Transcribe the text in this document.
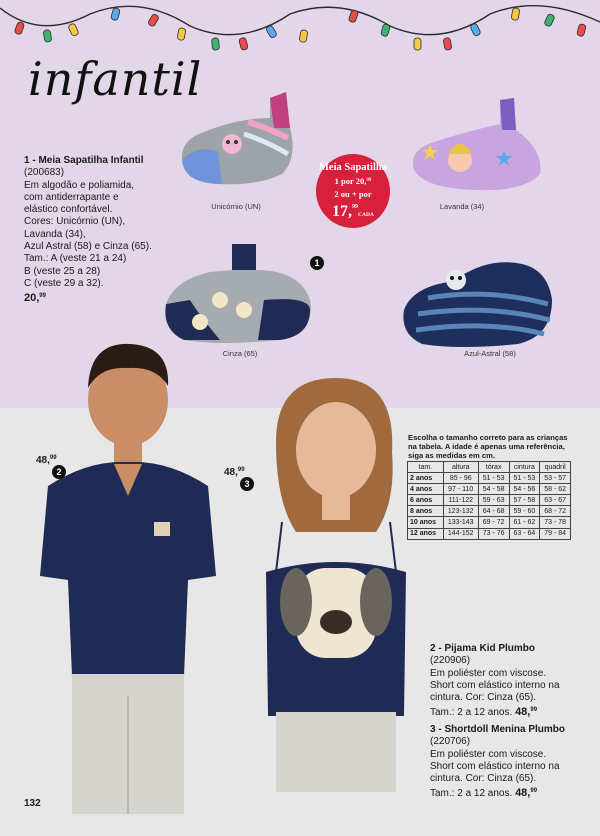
infantil
1 - Meia Sapatilha Infantil
(200683)
Em algodão e poliamida,
com antiderrapante e
elástico confortável.
Cores: Unicórnio (UN),
Lavanda (34),
Azul Astral (58) e Cinza (65).
Tam.: A (veste 21 a 24)
B (veste 25 a 28)
C (veste 29 a 32).
20,99
Unicórnio (UN)	Lavanda (34)
Cinza (65)
1
Azul-Astral (58)
Meia Sapatilha
1 por 20,99
2 ou + por
17,99CADA
48,99
2	48,99
3
Escolha o tamanho correto para as crianças na tabela. A idade é apenas uma referência, siga as medidas em cm.
tam.	altura	tórax	cintura	quadril
2 anos	85 - 96	51 - 53	51 - 53	53 - 57
4 anos	97 - 110	54 - 58	54 - 56	58 - 62
6 anos	111-122	59 - 63	57 - 58	63 - 67
8 anos	123-132	64 - 68	59 - 60	68 - 72
10 anos	133-143	69 - 72	61 - 62	73 - 78
12 anos	144-152	73 - 76	63 - 64	79 - 84
2 - Pijama Kid Plumbo
(220906)
Em poliéster com viscose.
Short com elástico interno na
cintura. Cor: Cinza (65).
Tam.: 2 a 12 anos. 48,99
3 - Shortdoll Menina Plumbo
(220706)
Em poliéster com viscose.
Short com elástico interno na
cintura. Cor: Cinza (65).
Tam.: 2 a 12 anos. 48,99
132
